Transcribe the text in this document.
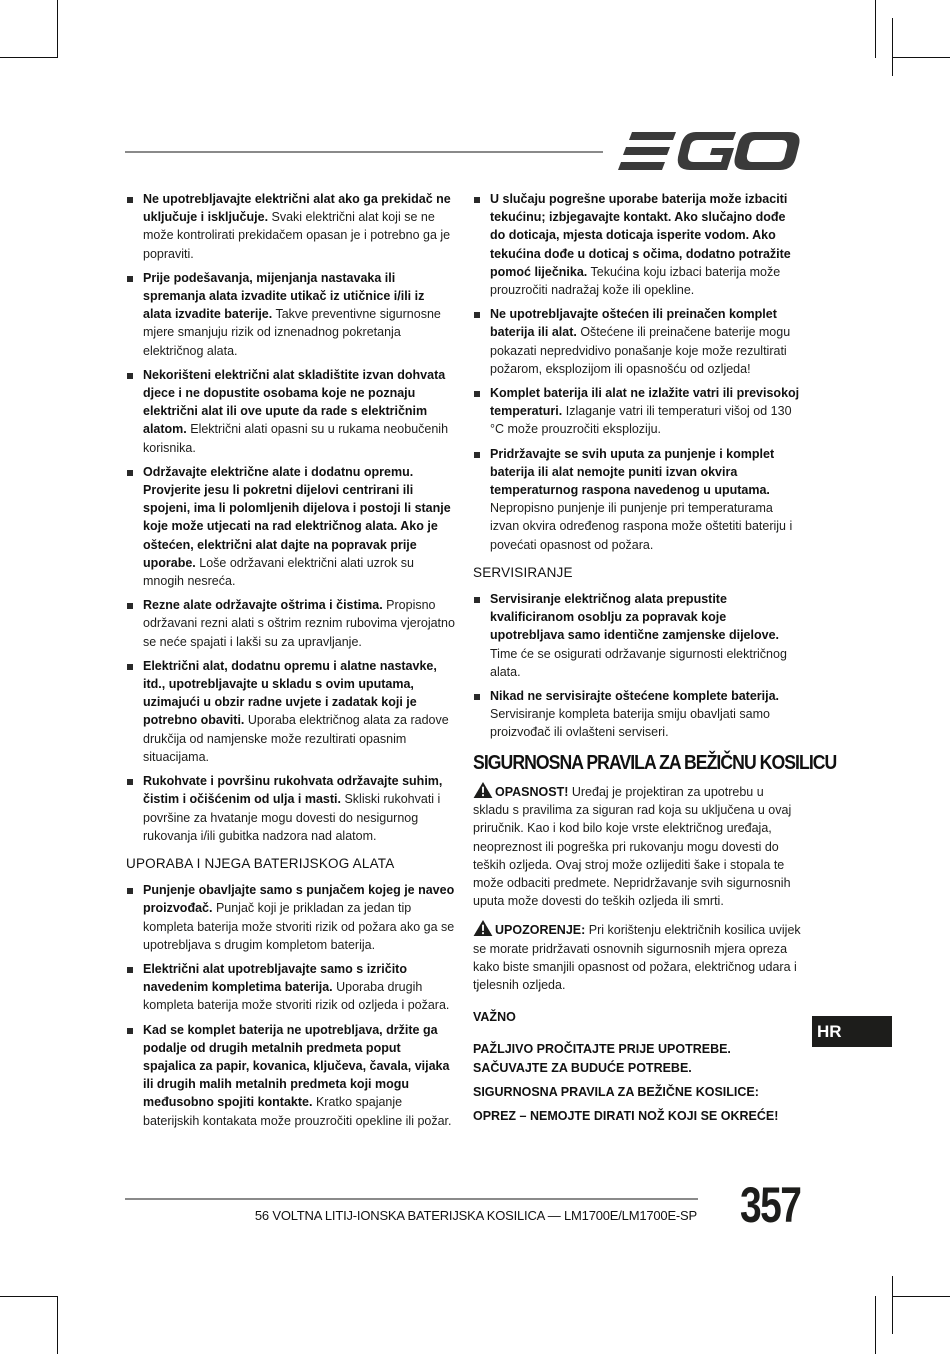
Ne upotrebljavajte električni alat ako ga prekidač ne uključuje i isključuje. Svaki električni alat koji se ne može kontrolirati prekidačem opasan je i potrebno ga je popraviti.
Prije podešavanja, mijenjanja nastavaka ili spremanja alata izvadite utikač iz utičnice i/ili iz alata izvadite baterije. Takve preventivne sigurnosne mjere smanjuju rizik od iznenadnog pokretanja električnog alata.
Nekorišteni električni alat skladištite izvan dohvata djece i ne dopustite osobama koje ne poznaju električni alat ili ove upute da rade s električnim alatom. Električni alati opasni su u rukama neobučenih korisnika.
Održavajte električne alate i dodatnu opremu. Provjerite jesu li pokretni dijelovi centrirani ili spojeni, ima li polomljenih dijelova i postoji li stanje koje može utjecati na rad električnog alata. Ako je oštećen, električni alat dajte na popravak prije uporabe. Loše održavani električni alati uzrok su mnogih nesreća.
Rezne alate održavajte oštrima i čistima. Propisno održavani rezni alati s oštrim reznim rubovima vjerojatno se neće spajati i lakši su za upravljanje.
Električni alat, dodatnu opremu i alatne nastavke, itd., upotrebljavajte u skladu s ovim uputama, uzimajući u obzir radne uvjete i zadatak koji je potrebno obaviti. Uporaba električnog alata za radove drukčija od namjenske može rezultirati opasnim situacijama.
Rukohvate i površinu rukohvata održavajte suhim, čistim i očišćenim od ulja i masti. Skliski rukohvati i površine za hvatanje mogu dovesti do nesigurnog rukovanja i/ili gubitka nadzora nad alatom.
UPORABA I NJEGA BATERIJSKOG ALATA
Punjenje obavljajte samo s punjačem kojeg je naveo proizvođač. Punjač koji je prikladan za jedan tip kompleta baterija može stvoriti rizik od požara ako ga se upotrebljava s drugim kompletom baterija.
Električni alat upotrebljavajte samo s izričito navedenim kompletima baterija. Uporaba drugih kompleta baterija može stvoriti rizik od ozljeda i požara.
Kad se komplet baterija ne upotrebljava, držite ga podalje od drugih metalnih predmeta poput spajalica za papir, kovanica, ključeva, čavala, vijaka ili drugih malih metalnih predmeta koji mogu međusobno spojiti kontakte. Kratko spajanje baterijskih kontakata može prouzročiti opekline ili požar.
U slučaju pogrešne uporabe baterija može izbaciti tekućinu; izbjegavajte kontakt. Ako slučajno dođe do doticaja, mjesta doticaja isperite vodom. Ako tekućina dođe u doticaj s očima, dodatno potražite pomoć liječnika. Tekućina koju izbaci baterija može prouzročiti nadražaj kože ili opekline.
Ne upotrebljavajte oštećen ili preinačen komplet baterija ili alat. Oštećene ili preinačene baterije mogu pokazati nepredvidivo ponašanje koje može rezultirati požarom, eksplozijom ili opasnošću od ozljeda!
Komplet baterija ili alat ne izlažite vatri ili previsokoj temperaturi. Izlaganje vatri ili temperaturi višoj od 130 °C može prouzročiti eksploziju.
Pridržavajte se svih uputa za punjenje i komplet baterija ili alat nemojte puniti izvan okvira temperaturnog raspona navedenog u uputama. Nepropisno punjenje ili punjenje pri temperaturama izvan okvira određenog raspona može oštetiti bateriju i povećati opasnost od požara.
SERVISIRANJE
Servisiranje električnog alata prepustite kvalificiranom osoblju za popravak koje upotrebljava samo identične zamjenske dijelove. Time će se osigurati održavanje sigurnosti električnog alata.
Nikad ne servisirajte oštećene komplete baterija. Servisiranje kompleta baterija smiju obavljati samo proizvođač ili ovlašteni serviseri.
SIGURNOSNA PRAVILA ZA BEŽIČNU KOSILICU

OPASNOST! Uređaj je projektiran za upotrebu u skladu s pravilima za siguran rad koja su uključena u ovaj priručnik. Kao i kod bilo koje vrste električnog uređaja, neopreznost ili pogreška pri rukovanju mogu dovesti do teških ozljeda. Ovaj stroj može ozlijediti šake i stopala te može odbaciti predmete. Nepridržavanje svih sigurnosnih uputa može dovesti do teških ozljeda ili smrti.

UPOZORENJE: Pri korištenju električnih kosilica uvijek se morate pridržavati osnovnih sigurnosnih mjera opreza kako biste smanjili opasnost od požara, električnog udara i tjelesnih ozljeda.

VAŽNO
PAŽLJIVO PROČITAJTE PRIJE UPOTREBE.
SAČUVAJTE ZA BUDUĆE POTREBE.
SIGURNOSNA PRAVILA ZA BEŽIČNE KOSILICE:
OPREZ – NEMOJTE DIRATI NOŽ KOJI SE OKREĆE!
HR
56 VOLTNA LITIJ-IONSKA BATERIJSKA KOSILICA — LM1700E/LM1700E-SP 357
